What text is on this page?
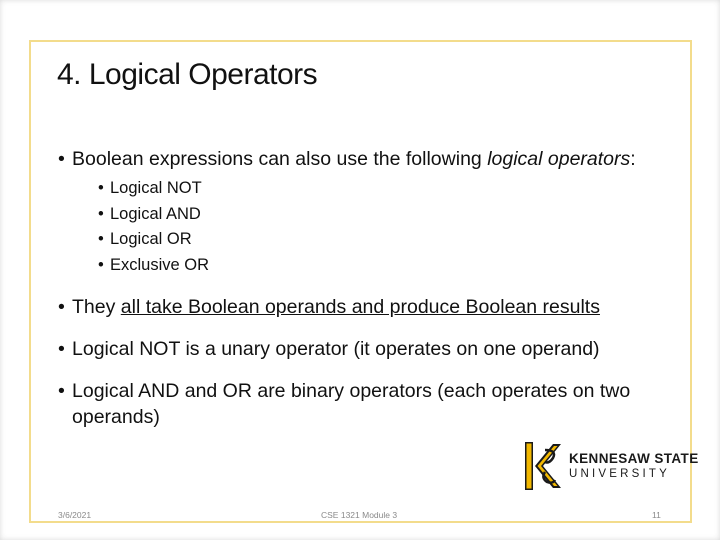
4. Logical Operators
• Boolean expressions can also use the following logical operators:
• Logical NOT
• Logical AND
• Logical OR
• Exclusive OR
• They all take Boolean operands and produce Boolean results
• Logical NOT is a unary operator (it operates on one operand)
• Logical AND and OR are binary operators (each operates on two operands)
KENNESAW STATE
UNIVERSITY
3/6/2021	CSE 1321 Module 3	11
